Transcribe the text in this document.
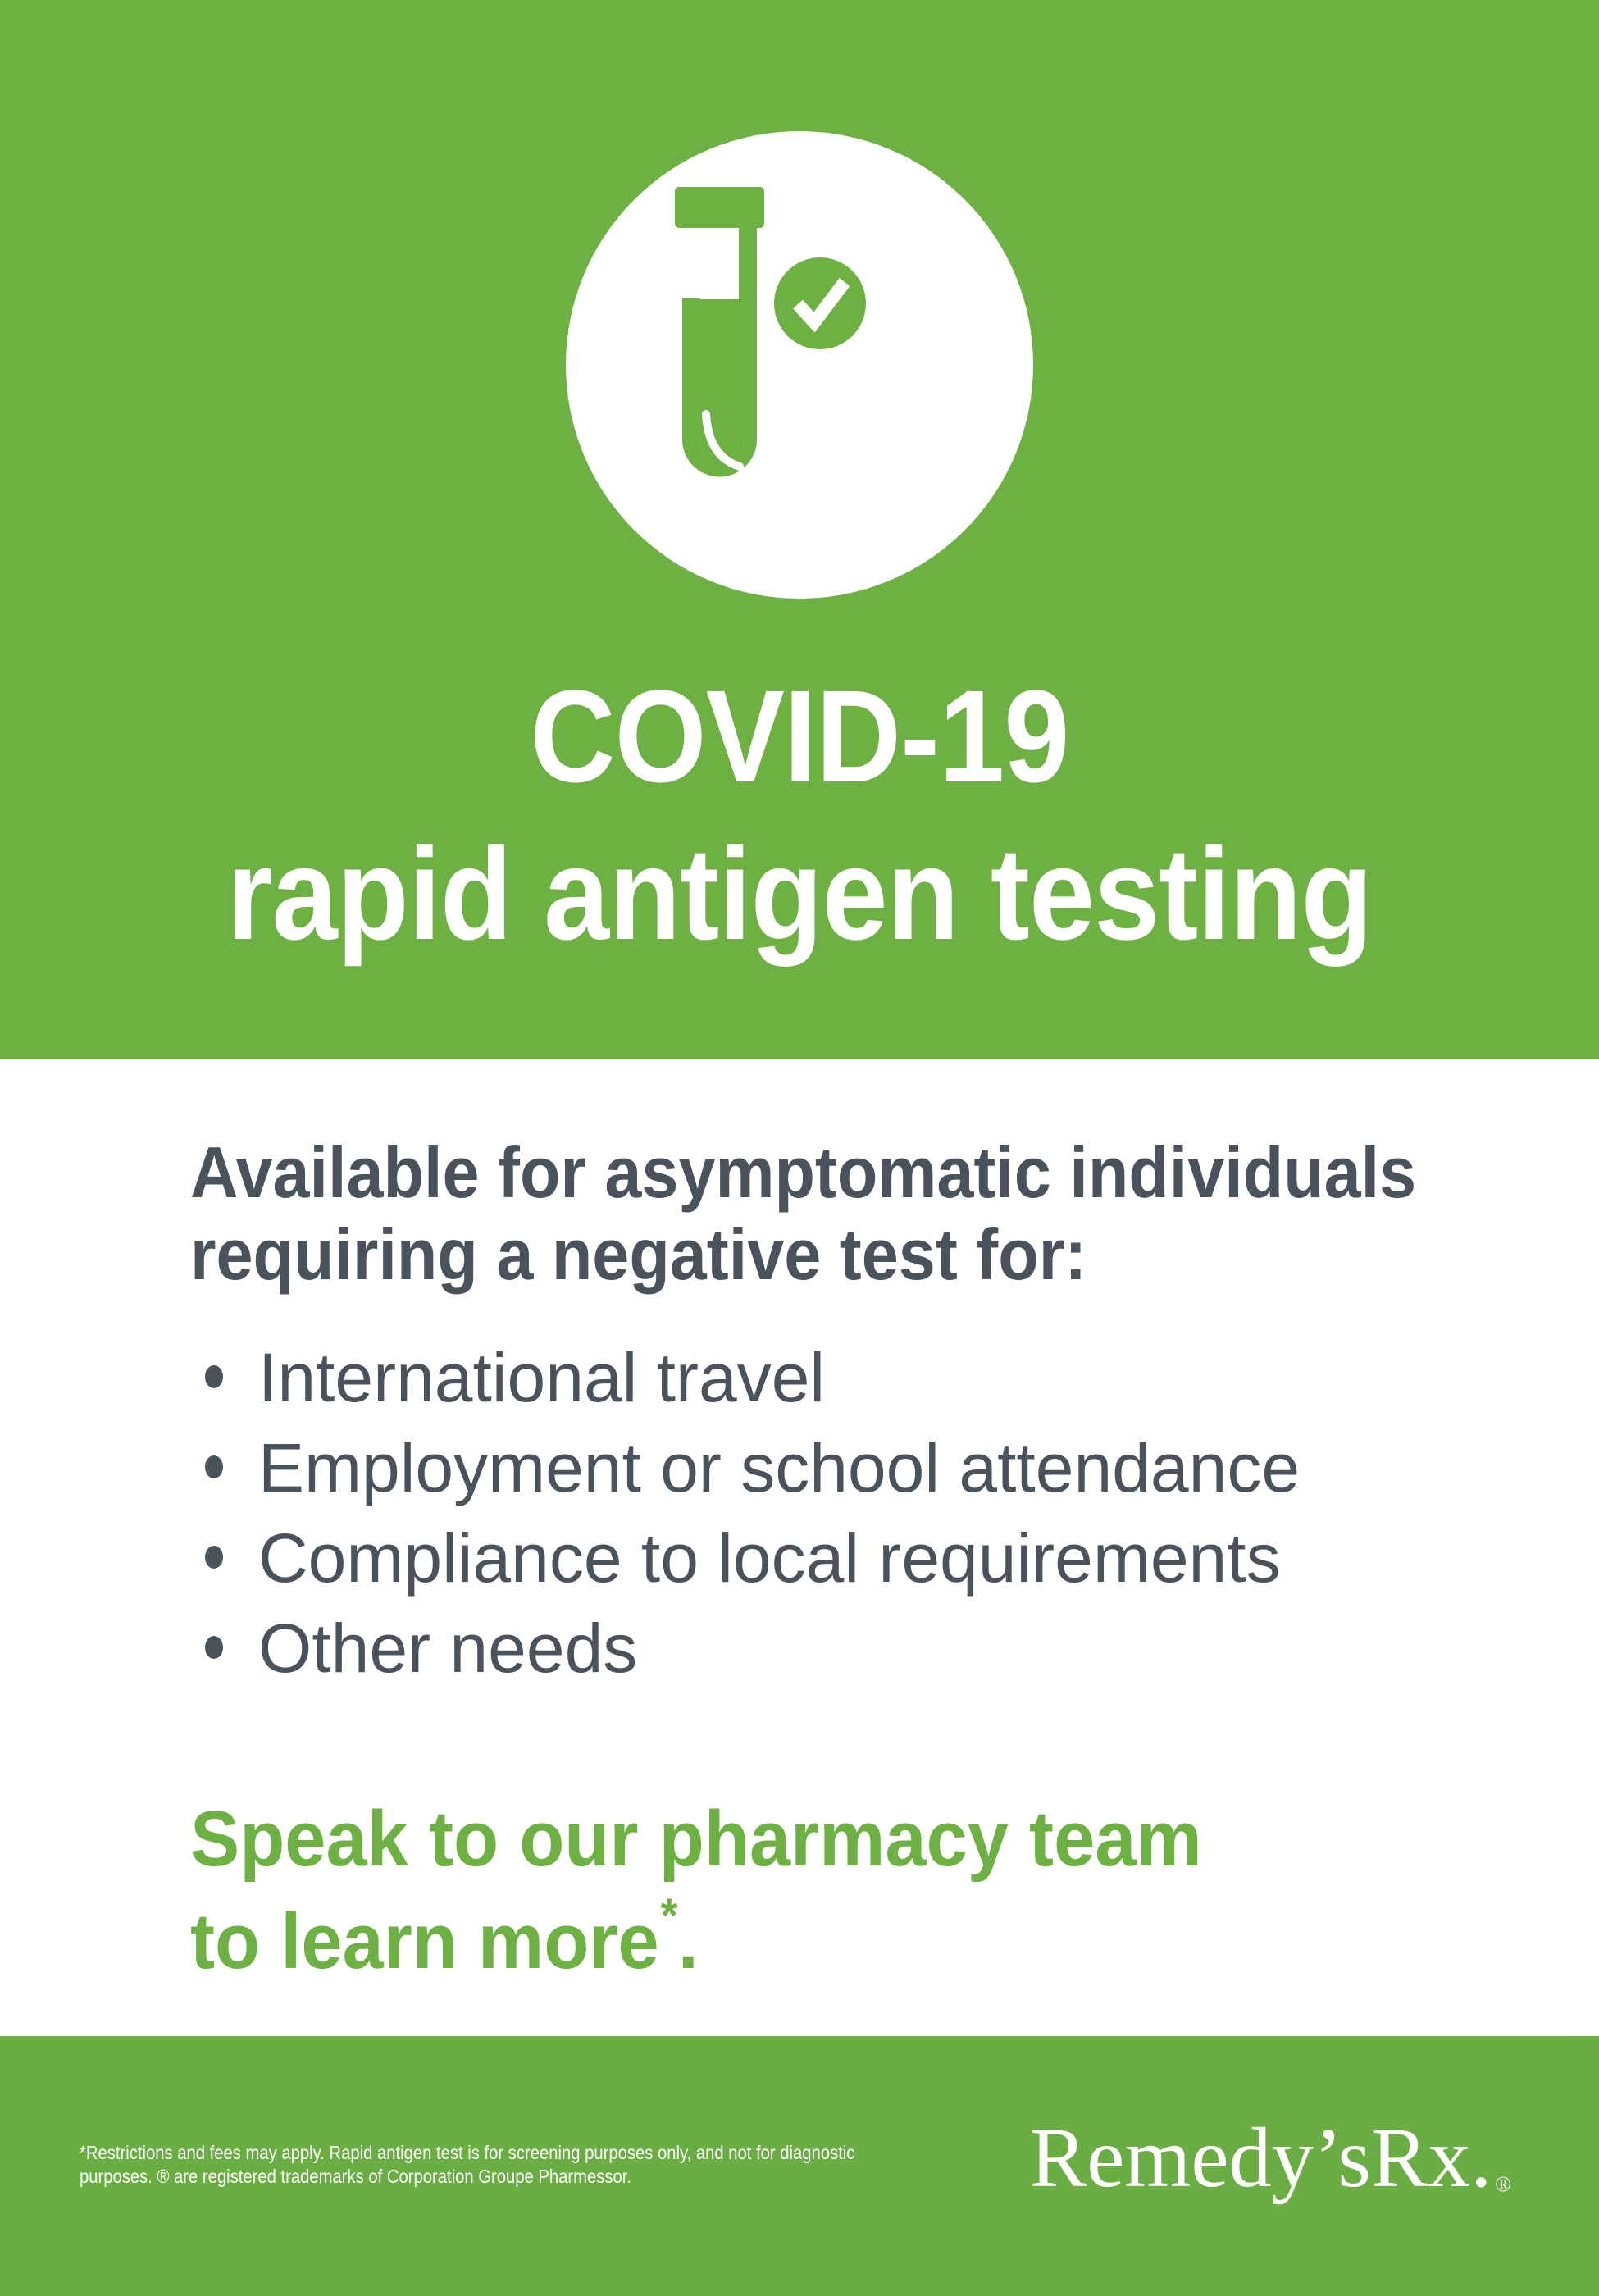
COVID-19
rapid antigen testing
Available for asymptomatic individuals
requiring a negative test for:
International travel
Employment or school attendance
Compliance to local requirements
Other needs
Speak to our pharmacy team
to learn more*.
*Restrictions and fees may apply. Rapid antigen test is for screening purposes only, and not for diagnostic
purposes. ® are registered trademarks of Corporation Groupe Pharmessor.	Remedy’sRx. ®
